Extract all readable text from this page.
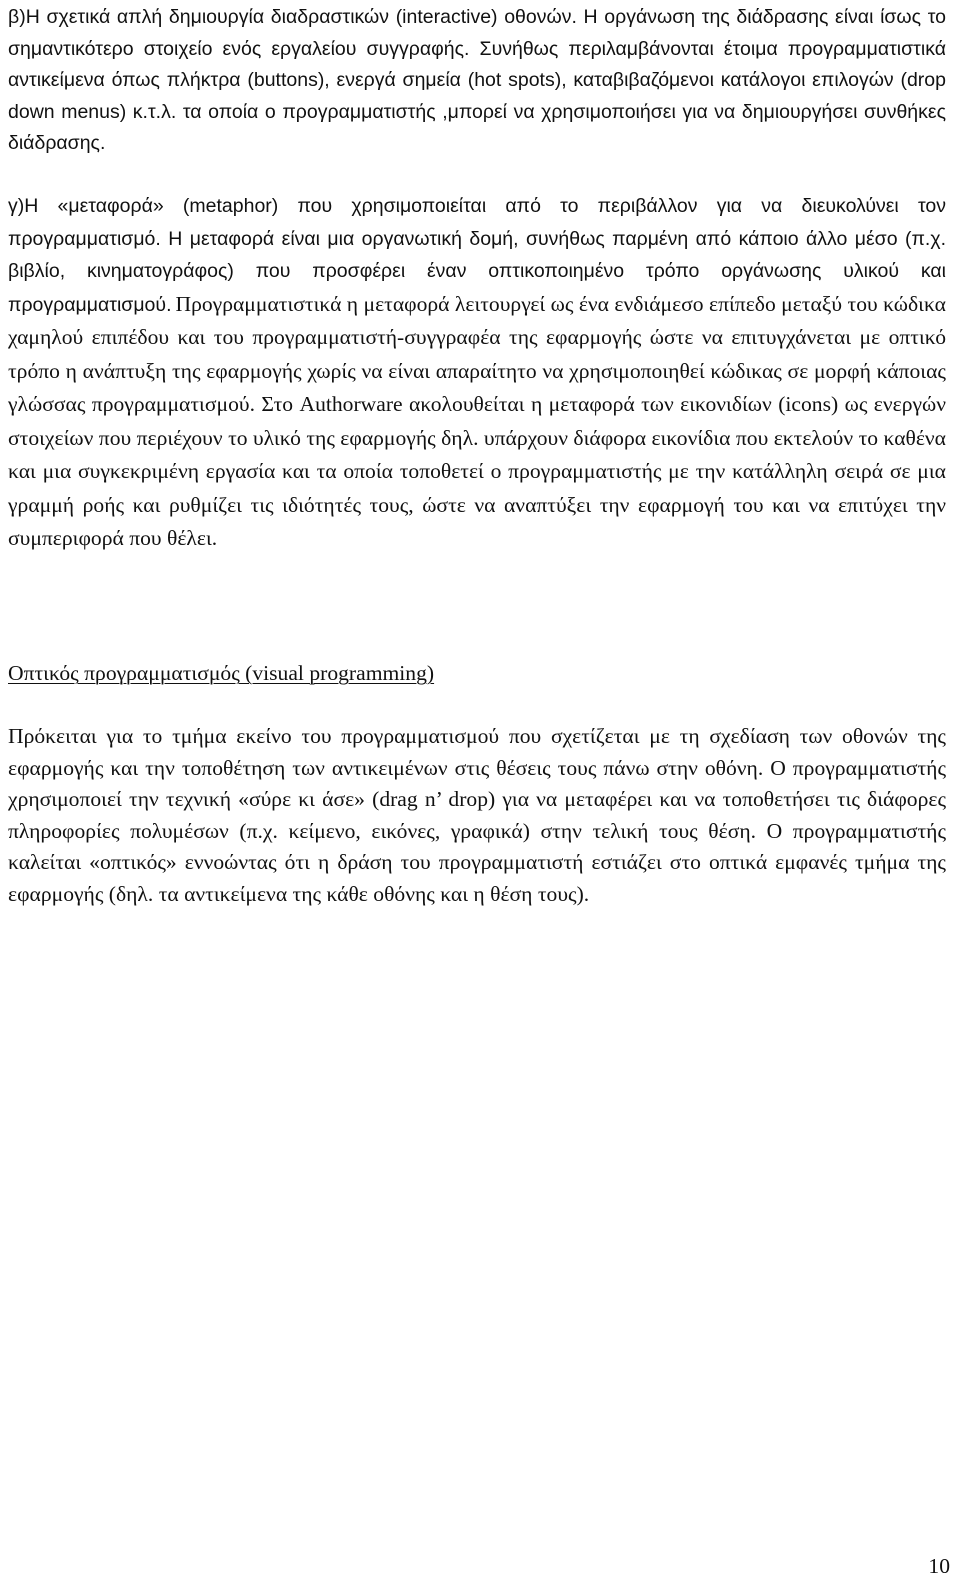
β)Η σχετικά απλή δημιουργία διαδραστικών (interactive) οθονών. Η οργάνωση της διάδρασης είναι ίσως το σημαντικότερο στοιχείο ενός εργαλείου συγγραφής. Συνήθως περιλαμβάνονται έτοιμα προγραμματιστικά αντικείμενα όπως πλήκτρα (buttons), ενεργά σημεία (hot spots), καταβιβαζόμενοι κατάλογοι επιλογών (drop down menus) κ.τ.λ. τα οποία ο προγραμματιστής ,μπορεί να χρησιμοποιήσει για να δημιουργήσει συνθήκες διάδρασης.

γ)Η «μεταφορά» (metaphor) που χρησιμοποιείται από το περιβάλλον για να διευκολύνει τον προγραμματισμό. Η μεταφορά είναι μια οργανωτική δομή, συνήθως παρμένη από κάποιο άλλο μέσο (π.χ. βιβλίο, κινηματογράφος) που προσφέρει έναν οπτικοποιημένο τρόπο οργάνωσης υλικού και προγραμματισμού. Προγραμματιστικά η μεταφορά λειτουργεί ως ένα ενδιάμεσο επίπεδο μεταξύ του κώδικα χαμηλού επιπέδου και του προγραμματιστή-συγγραφέα της εφαρμογής ώστε να επιτυγχάνεται με οπτικό τρόπο η ανάπτυξη της εφαρμογής χωρίς να είναι απαραίτητο να χρησιμοποιηθεί κώδικας σε μορφή κάποιας γλώσσας προγραμματισμού. Στο Authorware ακολουθείται η μεταφορά των εικονιδίων (icons) ως ενεργών στοιχείων που περιέχουν το υλικό της εφαρμογής δηλ. υπάρχουν διάφορα εικονίδια που εκτελούν το καθένα και μια συγκεκριμένη εργασία και τα οποία τοποθετεί ο προγραμματιστής με την κατάλληλη σειρά σε μια γραμμή ροής και ρυθμίζει τις ιδιότητές τους, ώστε να αναπτύξει την εφαρμογή του και να επιτύχει την συμπεριφορά που θέλει.

Οπτικός προγραμματισμός (visual programming)

Πρόκειται για το τμήμα εκείνο του προγραμματισμού που σχετίζεται με τη σχεδίαση των οθονών της εφαρμογής και την τοποθέτηση των αντικειμένων στις θέσεις τους πάνω στην οθόνη. Ο προγραμματιστής χρησιμοποιεί την τεχνική «σύρε κι άσε» (drag n’ drop) για να μεταφέρει και να τοποθετήσει τις διάφορες πληροφορίες πολυμέσων (π.χ. κείμενο, εικόνες, γραφικά) στην τελική τους θέση. Ο προγραμματιστής καλείται «οπτικός» εννοώντας ότι η δράση του προγραμματιστή εστιάζει στο οπτικά εμφανές τμήμα της εφαρμογής (δηλ. τα αντικείμενα της κάθε οθόνης και η θέση τους).

10
